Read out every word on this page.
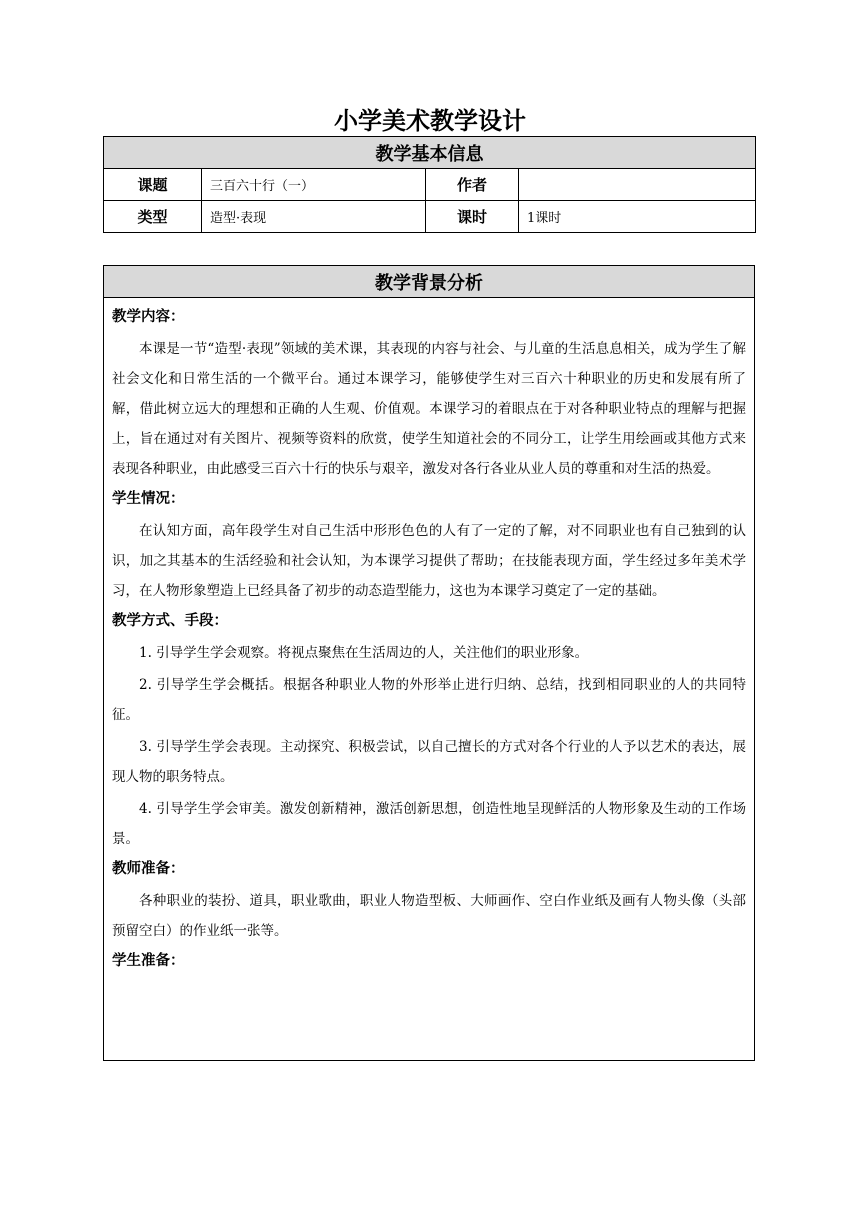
小学美术教学设计
教学基本信息			
课题	三百六十行（一）	作者	
类型	造型·表现	课时	1课时
教学背景分析

教学内容：

本课是一节“造型·表现”领域的美术课，其表现的内容与社会、与儿童的生活息息相关，成为学生了解社会文化和日常生活的一个微平台。通过本课学习，能够使学生对三百六十种职业的历史和发展有所了解，借此树立远大的理想和正确的人生观、价值观。本课学习的着眼点在于对各种职业特点的理解与把握上，旨在通过对有关图片、视频等资料的欣赏，使学生知道社会的不同分工，让学生用绘画或其他方式来表现各种职业，由此感受三百六十行的快乐与艰辛，激发对各行各业从业人员的尊重和对生活的热爱。

学生情况：

在认知方面，高年段学生对自己生活中形形色色的人有了一定的了解，对不同职业也有自己独到的认识，加之其基本的生活经验和社会认知，为本课学习提供了帮助；在技能表现方面，学生经过多年美术学习，在人物形象塑造上已经具备了初步的动态造型能力，这也为本课学习奠定了一定的基础。

教学方式、手段：

1. 引导学生学会观察。将视点聚焦在生活周边的人，关注他们的职业形象。

2. 引导学生学会概括。根据各种职业人物的外形举止进行归纳、总结，找到相同职业的人的共同特征。

3. 引导学生学会表现。主动探究、积极尝试，以自己擅长的方式对各个行业的人予以艺术的表达，展现人物的职务特点。

4. 引导学生学会审美。激发创新精神，激活创新思想，创造性地呈现鲜活的人物形象及生动的工作场景。

教师准备：

各种职业的装扮、道具，职业歌曲，职业人物造型板、大师画作、空白作业纸及画有人物头像（头部预留空白）的作业纸一张等。

学生准备：
